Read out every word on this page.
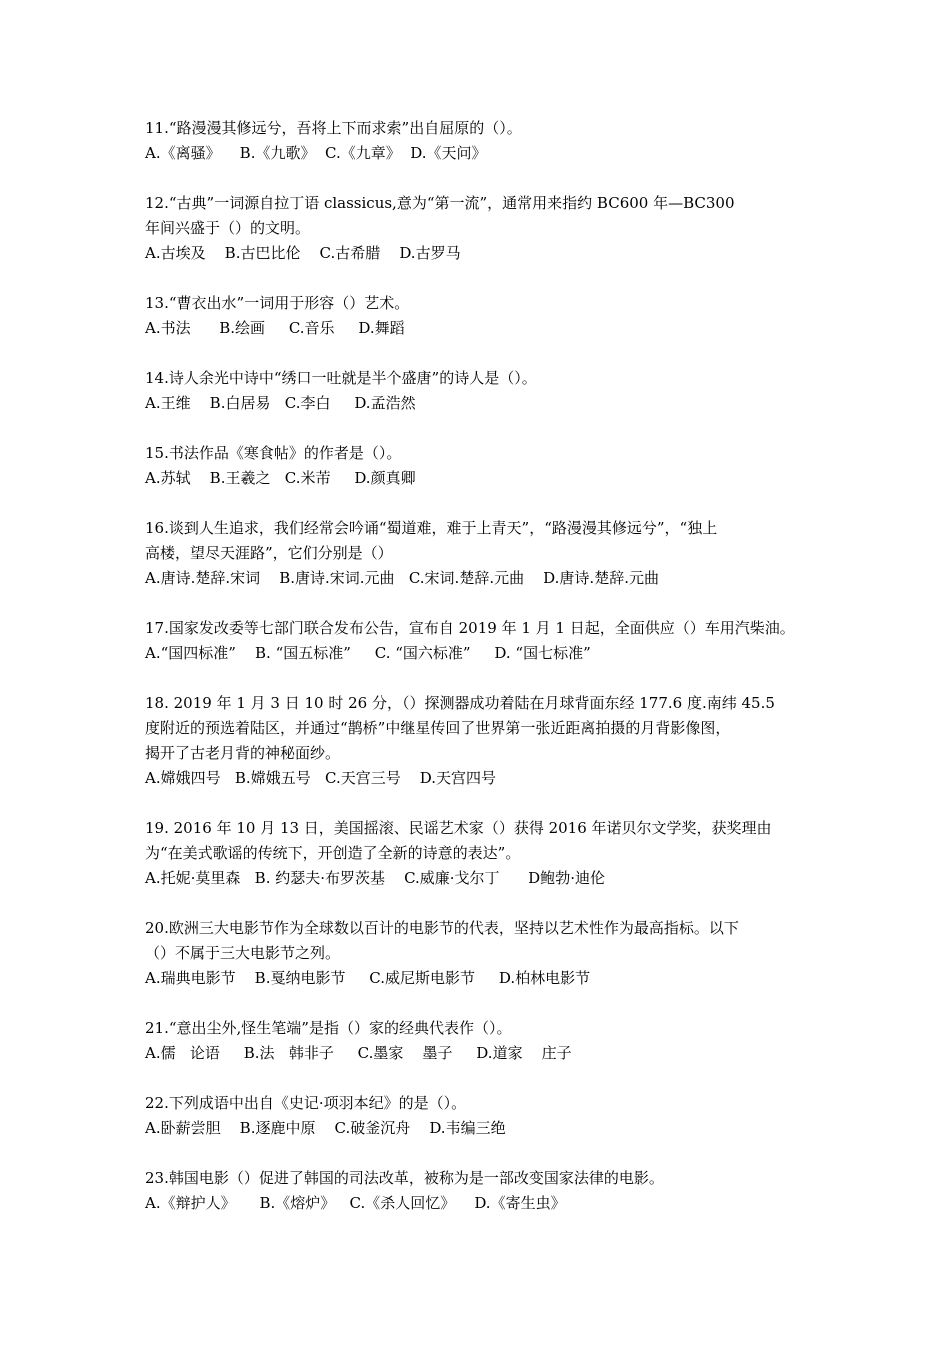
11.“路漫漫其修远兮，吾将上下而求索”出自屈原的（）。
A.《离骚》    B.《九歌》  C.《九章》  D.《天问》
12.“古典”一词源自拉丁语 classicus,意为“第一流”，通常用来指约 BC600 年—BC300
年间兴盛于（）的文明。
A.古埃及    B.古巴比伦    C.古希腊    D.古罗马
13.“曹衣出水”一词用于形容（）艺术。
A.书法      B.绘画     C.音乐     D.舞蹈
14.诗人余光中诗中“绣口一吐就是半个盛唐”的诗人是（）。
A.王维    B.白居易   C.李白     D.孟浩然
15.书法作品《寒食帖》的作者是（）。
A.苏轼    B.王羲之   C.米芾     D.颜真卿
16.谈到人生追求，我们经常会吟诵“蜀道难，难于上青天”，“路漫漫其修远兮”，“独上
高楼，望尽天涯路”，它们分别是（）
A.唐诗.楚辞.宋词    B.唐诗.宋词.元曲   C.宋词.楚辞.元曲    D.唐诗.楚辞.元曲
17.国家发改委等七部门联合发布公告，宣布自 2019 年 1 月 1 日起，全面供应（）车用汽柴油。
A.“国四标准”    B. “国五标准”     C. “国六标准”     D. “国七标准”
18. 2019 年 1 月 3 日 10 时 26 分，（）探测器成功着陆在月球背面东经 177.6 度.南纬 45.5
度附近的预选着陆区，并通过“鹊桥”中继星传回了世界第一张近距离拍摄的月背影像图，
揭开了古老月背的神秘面纱。
A.嫦娥四号   B.嫦娥五号   C.天宫三号    D.天宫四号
19. 2016 年 10 月 13 日，美国摇滚、民谣艺术家（）获得 2016 年诺贝尔文学奖，获奖理由
为“在美式歌谣的传统下，开创造了全新的诗意的表达”。
A.托妮·莫里森   B. 约瑟夫·布罗茨基    C.威廉·戈尔丁      D鲍勃·迪伦
20.欧洲三大电影节作为全球数以百计的电影节的代表，坚持以艺术性作为最高指标。以下
（）不属于三大电影节之列。
A.瑞典电影节    B.戛纳电影节     C.威尼斯电影节     D.柏林电影节
21.“意出尘外,怪生笔端”是指（）家的经典代表作（）。
A.儒   论语     B.法   韩非子     C.墨家    墨子     D.道家    庄子
22.下列成语中出自《史记·项羽本纪》的是（）。
A.卧薪尝胆    B.逐鹿中原    C.破釜沉舟    D.韦编三绝
23.韩国电影（）促进了韩国的司法改革，被称为是一部改变国家法律的电影。
A.《辩护人》     B.《熔炉》   C.《杀人回忆》    D.《寄生虫》
